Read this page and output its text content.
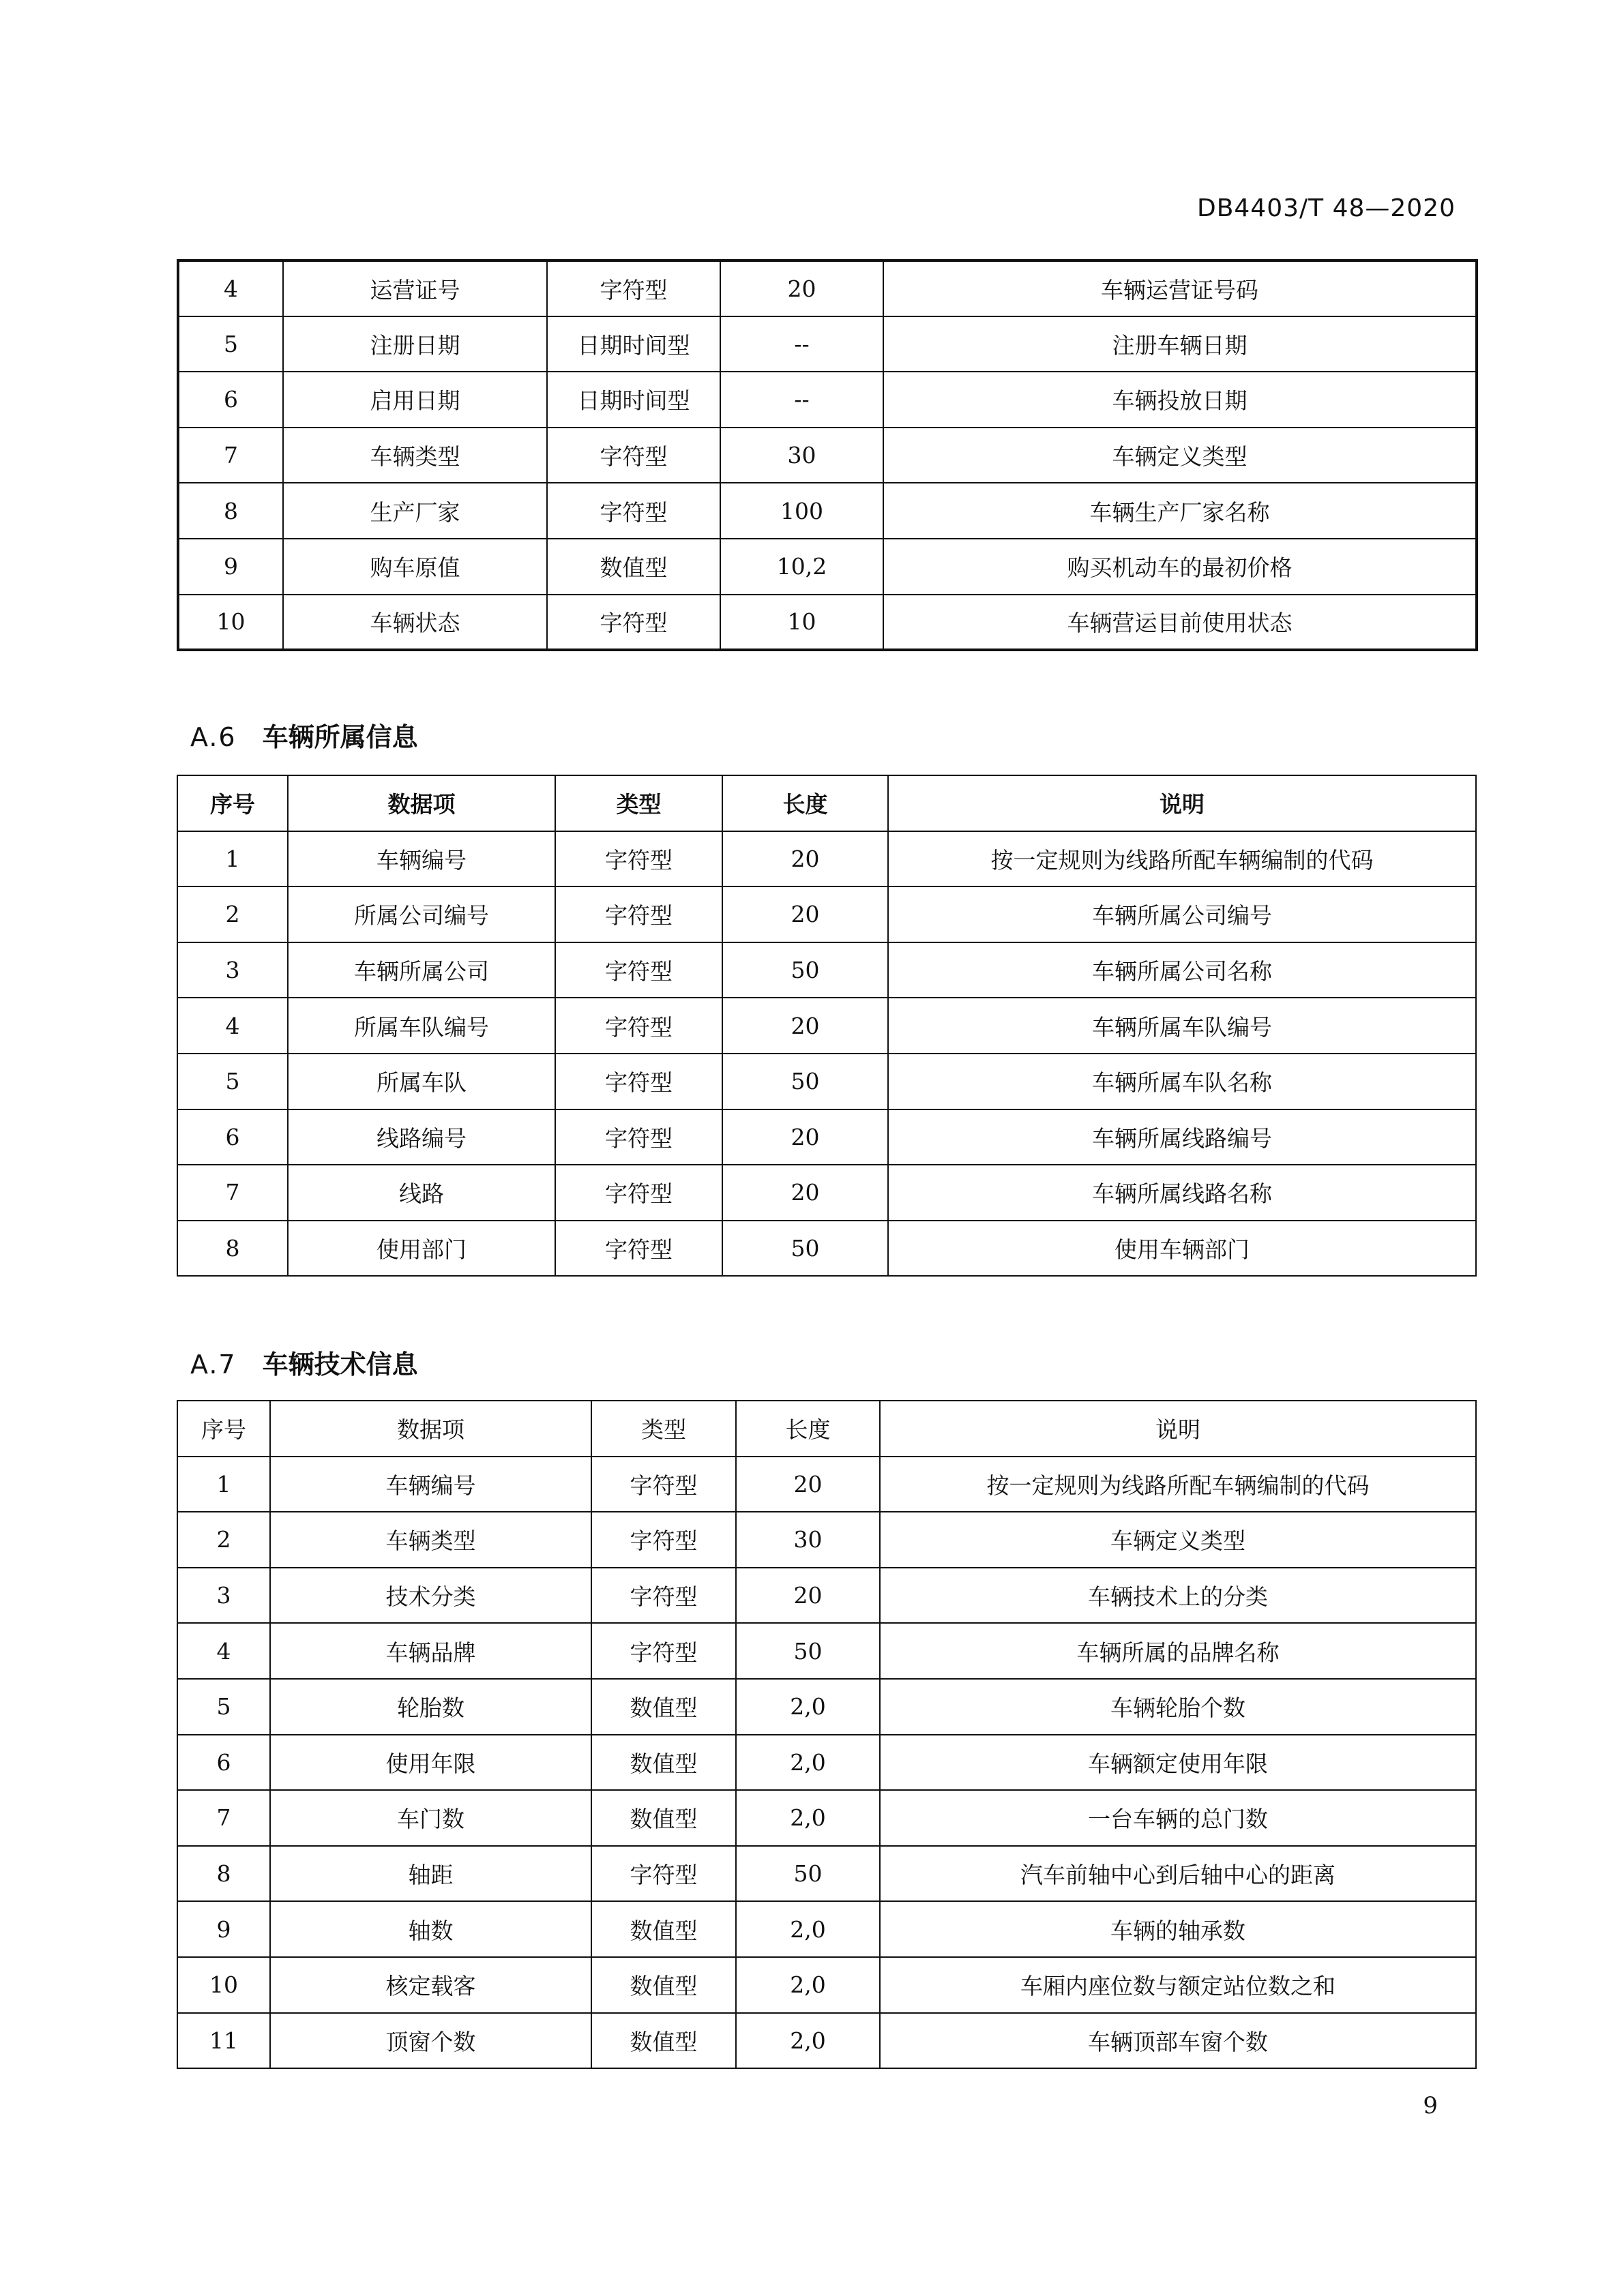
DB4403/T 48—2020
4	运营证号	字符型	20	车辆运营证号码
5	注册日期	日期时间型	--	注册车辆日期
6	启用日期	日期时间型	--	车辆投放日期
7	车辆类型	字符型	30	车辆定义类型
8	生产厂家	字符型	100	车辆生产厂家名称
9	购车原值	数值型	10,2	购买机动车的最初价格
10	车辆状态	字符型	10	车辆营运目前使用状态
A.6 车辆所属信息
序号	数据项	类型	长度	说明
1	车辆编号	字符型	20	按一定规则为线路所配车辆编制的代码
2	所属公司编号	字符型	20	车辆所属公司编号
3	车辆所属公司	字符型	50	车辆所属公司名称
4	所属车队编号	字符型	20	车辆所属车队编号
5	所属车队	字符型	50	车辆所属车队名称
6	线路编号	字符型	20	车辆所属线路编号
7	线路	字符型	20	车辆所属线路名称
8	使用部门	字符型	50	使用车辆部门
A.7 车辆技术信息
序号	数据项	类型	长度	说明
1	车辆编号	字符型	20	按一定规则为线路所配车辆编制的代码
2	车辆类型	字符型	30	车辆定义类型
3	技术分类	字符型	20	车辆技术上的分类
4	车辆品牌	字符型	50	车辆所属的品牌名称
5	轮胎数	数值型	2,0	车辆轮胎个数
6	使用年限	数值型	2,0	车辆额定使用年限
7	车门数	数值型	2,0	一台车辆的总门数
8	轴距	字符型	50	汽车前轴中心到后轴中心的距离
9	轴数	数值型	2,0	车辆的轴承数
10	核定载客	数值型	2,0	车厢内座位数与额定站位数之和
11	顶窗个数	数值型	2,0	车辆顶部车窗个数
9
